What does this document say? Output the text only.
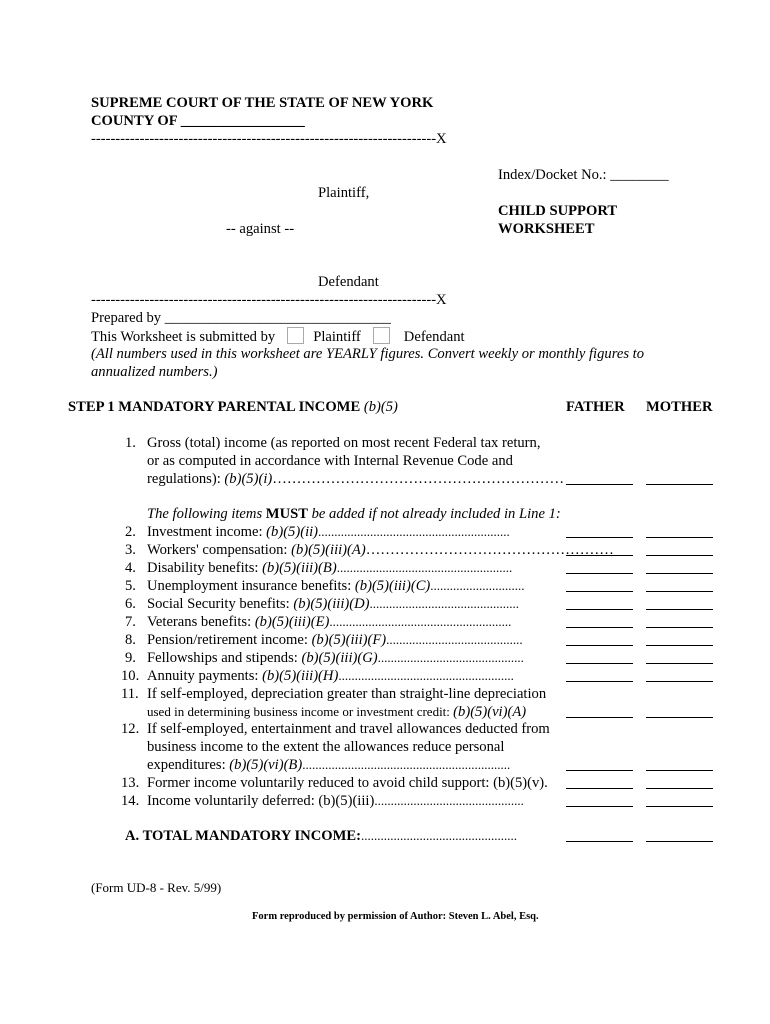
SUPREME COURT OF THE STATE OF NEW YORK
COUNTY OF _________________
-----------------------------------------------------------------------X
Index/Docket No.: ________
Plaintiff,
CHILD SUPPORT
-- against --	WORKSHEET
Defendant
-----------------------------------------------------------------------X
Prepared by _______________________________
This Worksheet is submitted by	Plaintiff	Defendant
(All numbers used in this worksheet are YEARLY figures. Convert weekly or monthly figures to
annualized numbers.)
STEP 1 MANDATORY PARENTAL INCOME (b)(5)	FATHER MOTHER
1. Gross (total) income (as reported on most recent Federal tax return,
or as computed in accordance with Internal Revenue Code and
regulations): (b)(5)(i)……………………………………………………
The following items MUST be added if not already included in Line 1:
2. Investment income: (b)(5)(ii)...........................................................
3. Workers' compensation: (b)(5)(iii)(A)……………………………………………
4. Disability benefits: (b)(5)(iii)(B)......................................................
5. Unemployment insurance benefits: (b)(5)(iii)(C).............................
6. Social Security benefits: (b)(5)(iii)(D)..............................................
7. Veterans benefits: (b)(5)(iii)(E)........................................................
8. Pension/retirement income: (b)(5)(iii)(F)..........................................
9. Fellowships and stipends: (b)(5)(iii)(G).............................................
10. Annuity payments: (b)(5)(iii)(H)......................................................
11. If self-employed, depreciation greater than straight-line depreciation
used in determining business income or investment credit: (b)(5)(vi)(A)
12. If self-employed, entertainment and travel allowances deducted from
business income to the extent the allowances reduce personal
expenditures: (b)(5)(vi)(B)................................................................
13. Former income voluntarily reduced to avoid child support: (b)(5)(v).
14. Income voluntarily deferred: (b)(5)(iii)..............................................
A. TOTAL MANDATORY INCOME:................................................
(Form UD-8 - Rev. 5/99)
Form reproduced by permission of Author: Steven L. Abel, Esq.
